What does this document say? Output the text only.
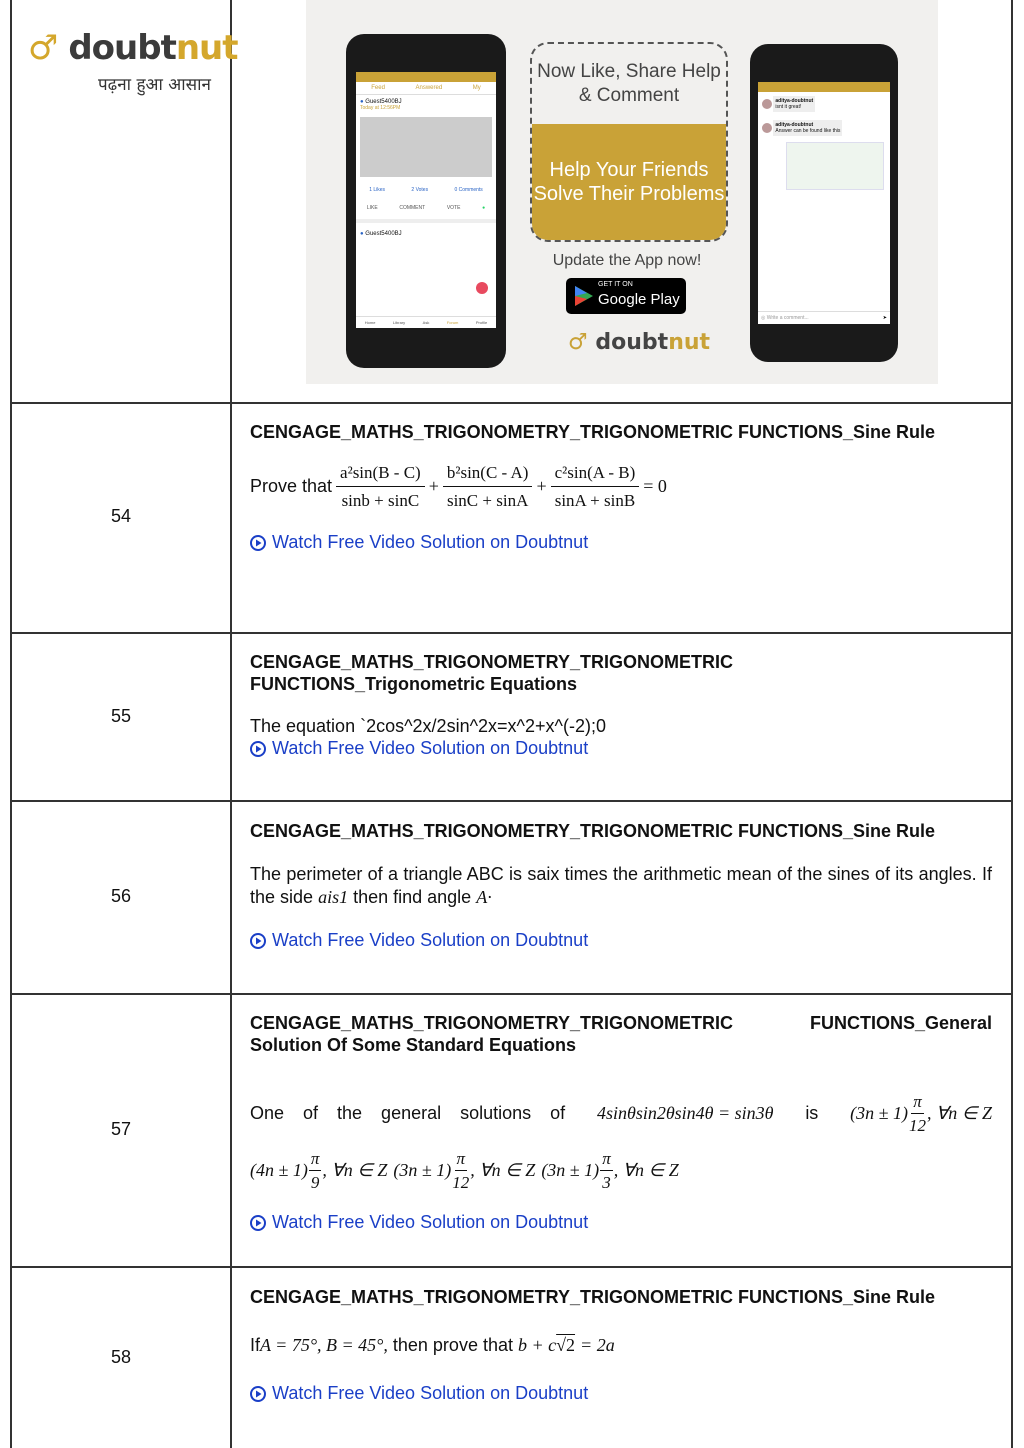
♂ doubtnut
पढ़ना हुआ आसान	Feed	Answered	My
● Guest5400BJ
Today at 12:56PM
1 Likes	2 Votes	0 Comments
LIKE	COMMENT	VOTE	●
● Guest5400BJ
Home	Library	Ask	Forum	Profile
Now Like, Share Help & Comment
Help Your Friends Solve Their Problems
Update the App now!
GET IT ON
Google Play
♂ doubtnut
aditya-doubtnut
isnt it great!
aditya-doubtnut
Answer can be found like this
◎ Write a comment...	➤
54
CENGAGE_MATHS_TRIGONOMETRY_TRIGONOMETRIC FUNCTIONS_Sine Rule
Prove that $\frac{\text{a²sin(B - C)}}{\sin b + \sin C} + \frac{\text{b²sin(C - A)}}{\sin C + \sin A} + \frac{\text{c²sin(A - B)}}{\sin A + \sin B} = 0$
Watch Free Video Solution on Doubtnut
55
CENGAGE_MATHS_TRIGONOMETRY_TRIGONOMETRIC FUNCTIONS_Trigonometric Equations
The equation `2cos^2x/2sin^2x=x^2+x^(-2);0
Watch Free Video Solution on Doubtnut
56
CENGAGE_MATHS_TRIGONOMETRY_TRIGONOMETRIC FUNCTIONS_Sine Rule
The perimeter of a triangle ABC is saix times the arithmetic mean of the sines of its angles. If the side ais1 then find angle A·
Watch Free Video Solution on Doubtnut
57
CENGAGE_MATHS_TRIGONOMETRY_TRIGONOMETRIC FUNCTIONS_General Solution Of Some Standard Equations
One of the general solutions of 4sinθsin2θsin4θ = sin3θ is $(3n \pm 1) \frac{\pi}{12}$ , ∀n ∈ Z
$(4n \pm 1) \frac{\pi}{9}$ , ∀n ∈ Z $(3n \pm 1) \frac{\pi}{12}$ , ∀n ∈ Z $(3n \pm 1) \frac{\pi}{3}$ , ∀n ∈ Z
Watch Free Video Solution on Doubtnut
58
CENGAGE_MATHS_TRIGONOMETRY_TRIGONOMETRIC FUNCTIONS_Sine Rule
IfA = 75°, B = 45°, then prove that b + c√2 = 2a
Watch Free Video Solution on Doubtnut
